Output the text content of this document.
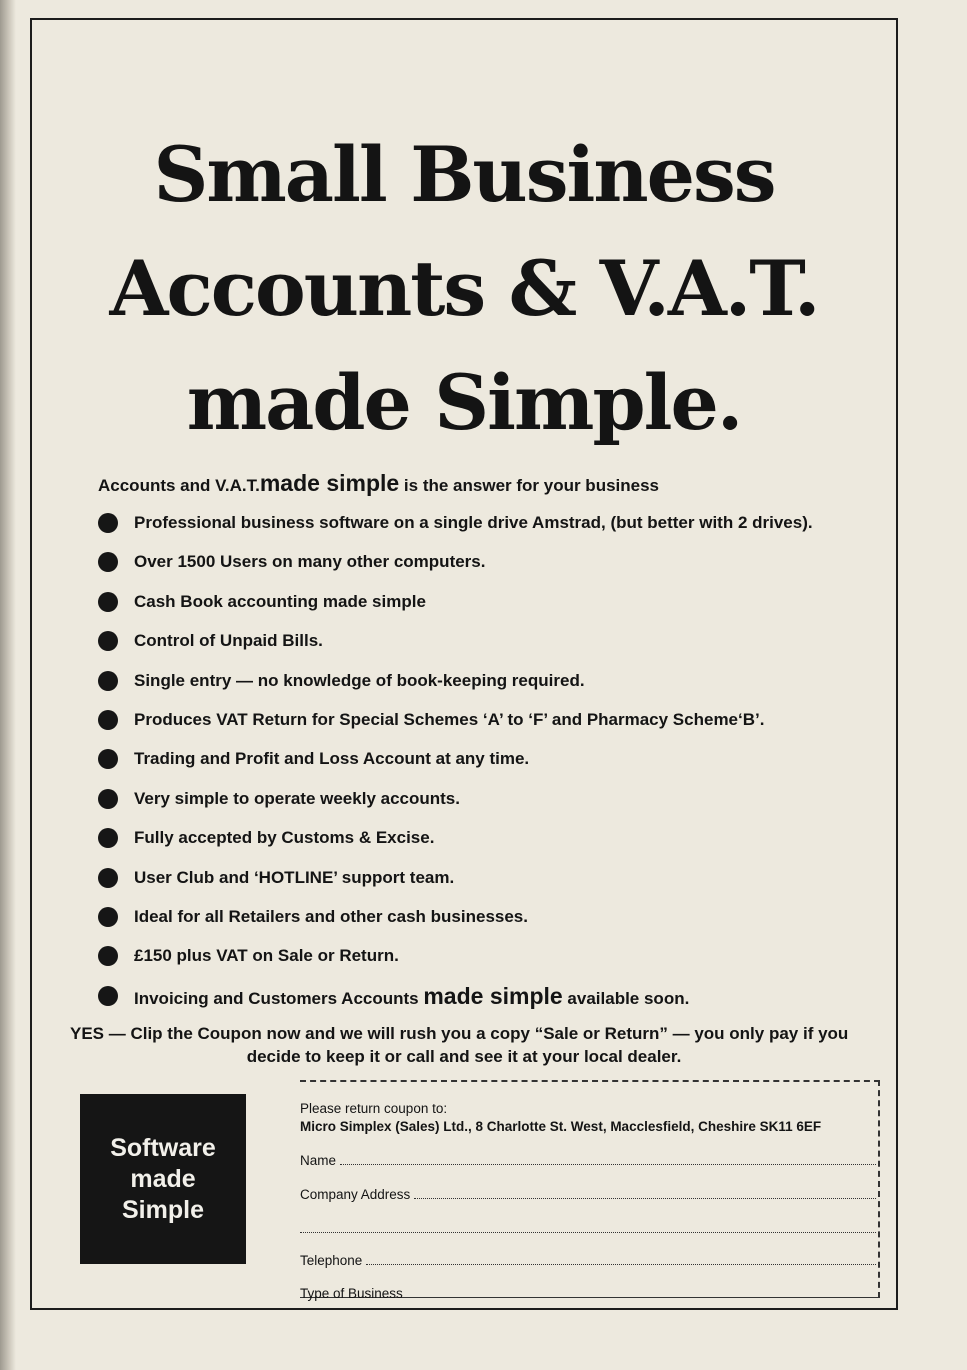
Small Business
Accounts & V.A.T.
made Simple.
Accounts and V.A.T.made simple is the answer for your business
Professional business software on a single drive Amstrad, (but better with 2 drives).
Over 1500 Users on many other computers.
Cash Book accounting made simple
Control of Unpaid Bills.
Single entry — no knowledge of book-keeping required.
Produces VAT Return for Special Schemes ‘A’ to ‘F’ and Pharmacy Scheme‘B’.
Trading and Profit and Loss Account at any time.
Very simple to operate weekly accounts.
Fully accepted by Customs & Excise.
User Club and ‘HOTLINE’ support team.
Ideal for all Retailers and other cash businesses.
£150 plus VAT on Sale or Return.
Invoicing and Customers Accounts made simple available soon.
YES — Clip the Coupon now and we will rush you a copy “Sale or Return” — you only pay if you
decide to keep it or call and see it at your local dealer.
Software
made
Simple
Please return coupon to:
Micro Simplex (Sales) Ltd., 8 Charlotte St. West, Macclesfield, Cheshire SK11 6EF
Name
Company Address
Telephone
Type of Business
